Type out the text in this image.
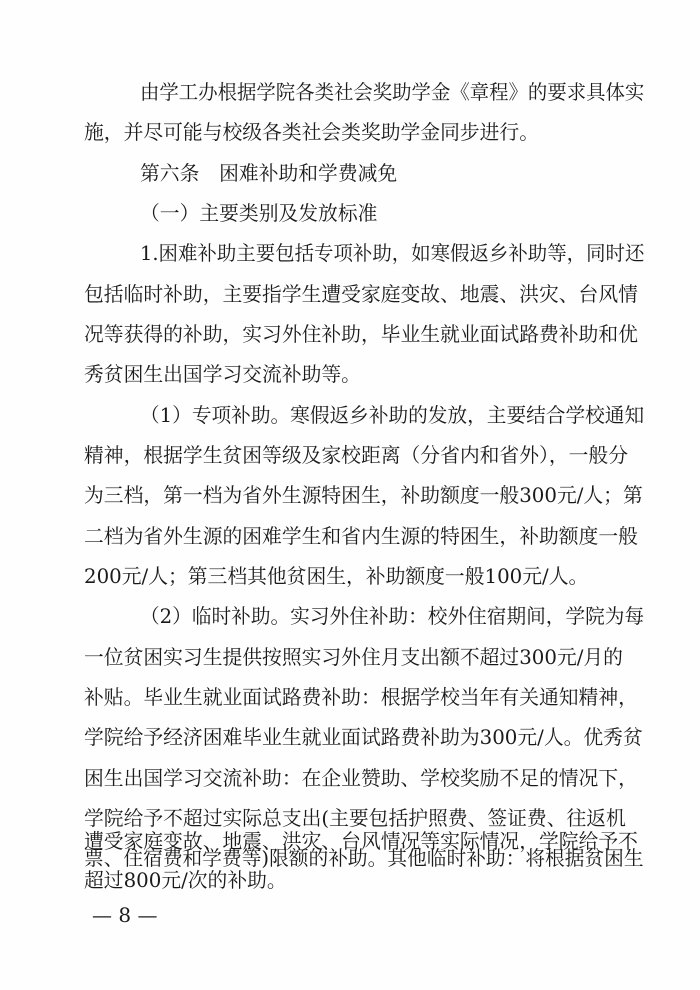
由学工办根据学院各类社会奖助学金《章程》的要求具体实
施，并尽可能与校级各类社会类奖助学金同步进行。
第六条　困难补助和学费减免
（一）主要类别及发放标准
1.困难补助主要包括专项补助，如寒假返乡补助等，同时还
包括临时补助，主要指学生遭受家庭变故、地震、洪灾、台风情
况等获得的补助，实习外住补助，毕业生就业面试路费补助和优
秀贫困生出国学习交流补助等。
（1）专项补助。寒假返乡补助的发放，主要结合学校通知
精神，根据学生贫困等级及家校距离（分省内和省外），一般分
为三档，第一档为省外生源特困生，补助额度一般300元/人；第
二档为省外生源的困难学生和省内生源的特困生，补助额度一般
200元/人；第三档其他贫困生，补助额度一般100元/人。
（2）临时补助。实习外住补助：校外住宿期间，学院为每
一位贫困实习生提供按照实习外住月支出额不超过300元/月的
补贴。毕业生就业面试路费补助：根据学校当年有关通知精神，
学院给予经济困难毕业生就业面试路费补助为300元/人。优秀贫
困生出国学习交流补助：在企业赞助、学校奖励不足的情况下，
学院给予不超过实际总支出(主要包括护照费、签证费、往返机
票、住宿费和学费等)限额的补助。其他临时补助：将根据贫困生
遭受家庭变故、地震、洪灾、台风情况等实际情况，学院给予不
超过800元/次的补助。
— 8 —
